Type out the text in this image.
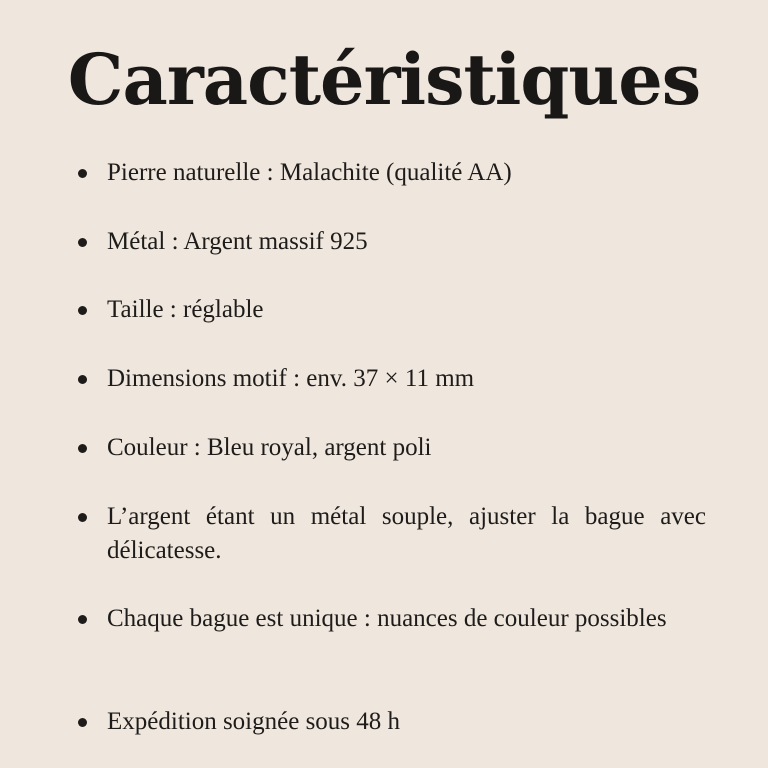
Caractéristiques
Pierre naturelle : Malachite (qualité AA)
Métal : Argent massif 925
Taille : réglable
Dimensions motif : env. 37 × 11 mm
Couleur : Bleu royal, argent poli
L’argent étant un métal souple, ajuster la bague avec délicatesse.
Chaque bague est unique : nuances de couleur possibles
Expédition soignée sous 48 h
